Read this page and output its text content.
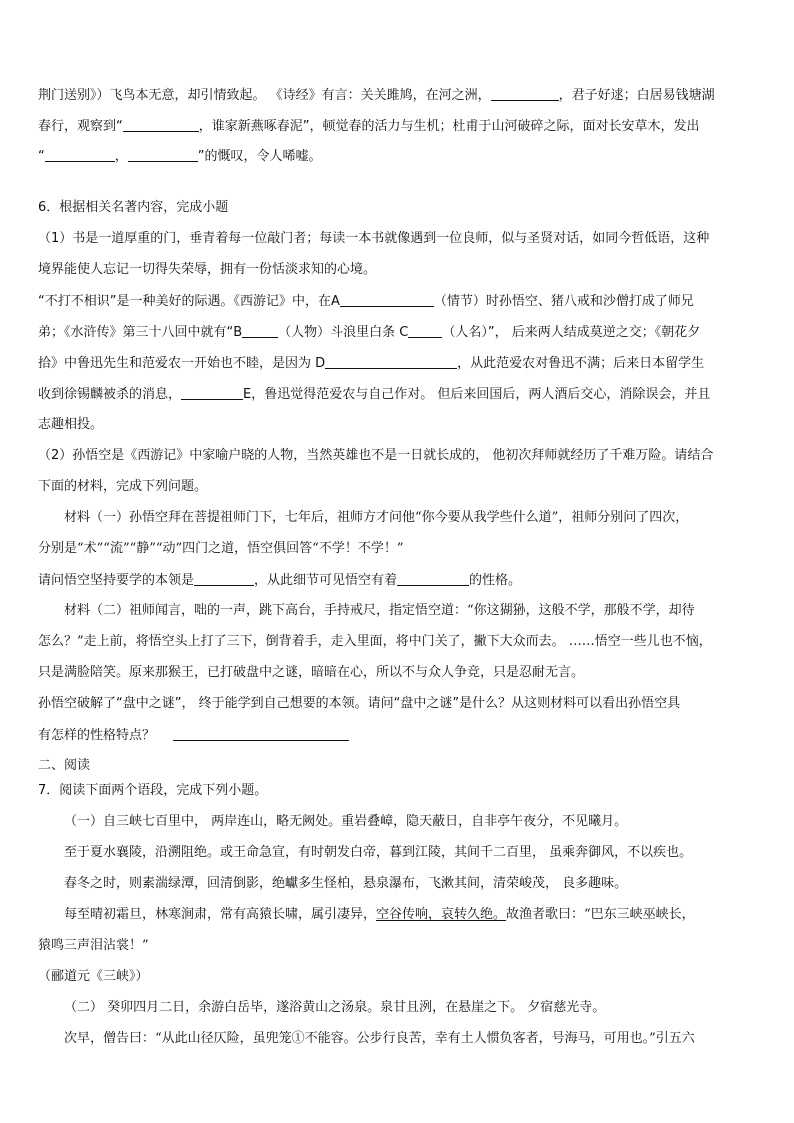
荆门送别》）飞鸟本无意，却引情致起。 《诗经》有言：关关雎鸠，在河之洲，	，君子好逑；白居易钱塘湖
春行，观察到“	，谁家新燕啄春泥”，顿觉春的活力与生机；杜甫于山河破碎之际，面对长安草木，发出
“	，	”的慨叹，令人唏嘘。
6．根据相关名著内容，完成小题
（1）书是一道厚重的门，垂青着每一位敲门者；每读一本书就像遇到一位良师，似与圣贤对话，如同今哲低语，这种
境界能使人忘记一切得失荣辱，拥有一份恬淡求知的心境。
“不打不相识”是一种美好的际遇。《西游记》中，在A	（情节）时孙悟空、猪八戒和沙僧打成了师兄
弟；《水浒传》第三十八回中就有“B	（人物）斗浪里白条 C	（人名）”， 后来两人结成莫逆之交；《朝花夕
拾》中鲁迅先生和范爱农一开始也不睦，是因为 D	，从此范爱农对鲁迅不满；后来日本留学生
收到徐锡麟被杀的消息，	E，鲁迅觉得范爱农与自己作对。 但后来回国后，两人酒后交心，消除误会，并且
志趣相投。
（2）孙悟空是《西游记》中家喻户晓的人物，当然英雄也不是一日就长成的， 他初次拜师就经历了千难万险。请结合
下面的材料，完成下列问题。
材料（一）孙悟空拜在菩提祖师门下，七年后，祖师方才问他“你今要从我学些什么道”，祖师分别问了四次，
分别是“术”“流”“静”“动”四门之道，悟空俱回答“不学！不学！”
请问悟空坚持要学的本领是	，从此细节可见悟空有着	的性格。
材料（二）祖师闻言，咄的一声，跳下高台，手持戒尺，指定悟空道：“你这猢狲，这般不学，那般不学，却待
怎么？”走上前，将悟空头上打了三下，倒背着手，走入里面，将中门关了，撇下大众而去。 ……悟空一些儿也不恼，
只是满脸陪笑。原来那猴王，已打破盘中之谜，暗暗在心，所以不与众人争竞，只是忍耐无言。
孙悟空破解了“盘中之谜”， 终于能学到自己想要的本领。请问“盘中之谜”是什么？从这则材料可以看出孙悟空具
有怎样的性格特点？
二、阅读
7．阅读下面两个语段，完成下列小题。
（一）自三峡七百里中， 两岸连山，略无阙处。重岩叠嶂，隐天蔽日，自非亭午夜分，不见曦月。
至于夏水襄陵，沿溯阻绝。或王命急宣，有时朝发白帝，暮到江陵，其间千二百里， 虽乘奔御风，不以疾也。
春冬之时，则素湍绿潭，回清倒影，绝巘多生怪柏，悬泉瀑布，飞漱其间，清荣峻茂， 良多趣味。
每至晴初霜旦，林寒涧肃，常有高猿长啸，属引凄异，空谷传响，哀转久绝。故渔者歌曰：“巴东三峡巫峡长，
猿鸣三声泪沾裳！”
（郦道元《三峡》）
（二） 癸卯四月二日，余游白岳毕，遂浴黄山之汤泉。泉甘且洌，在悬崖之下。 夕宿慈光寺。
次早，僧告曰：“从此山径仄险，虽兜笼①不能容。公步行良苦，幸有土人惯负客者，号海马，可用也。”引五六
